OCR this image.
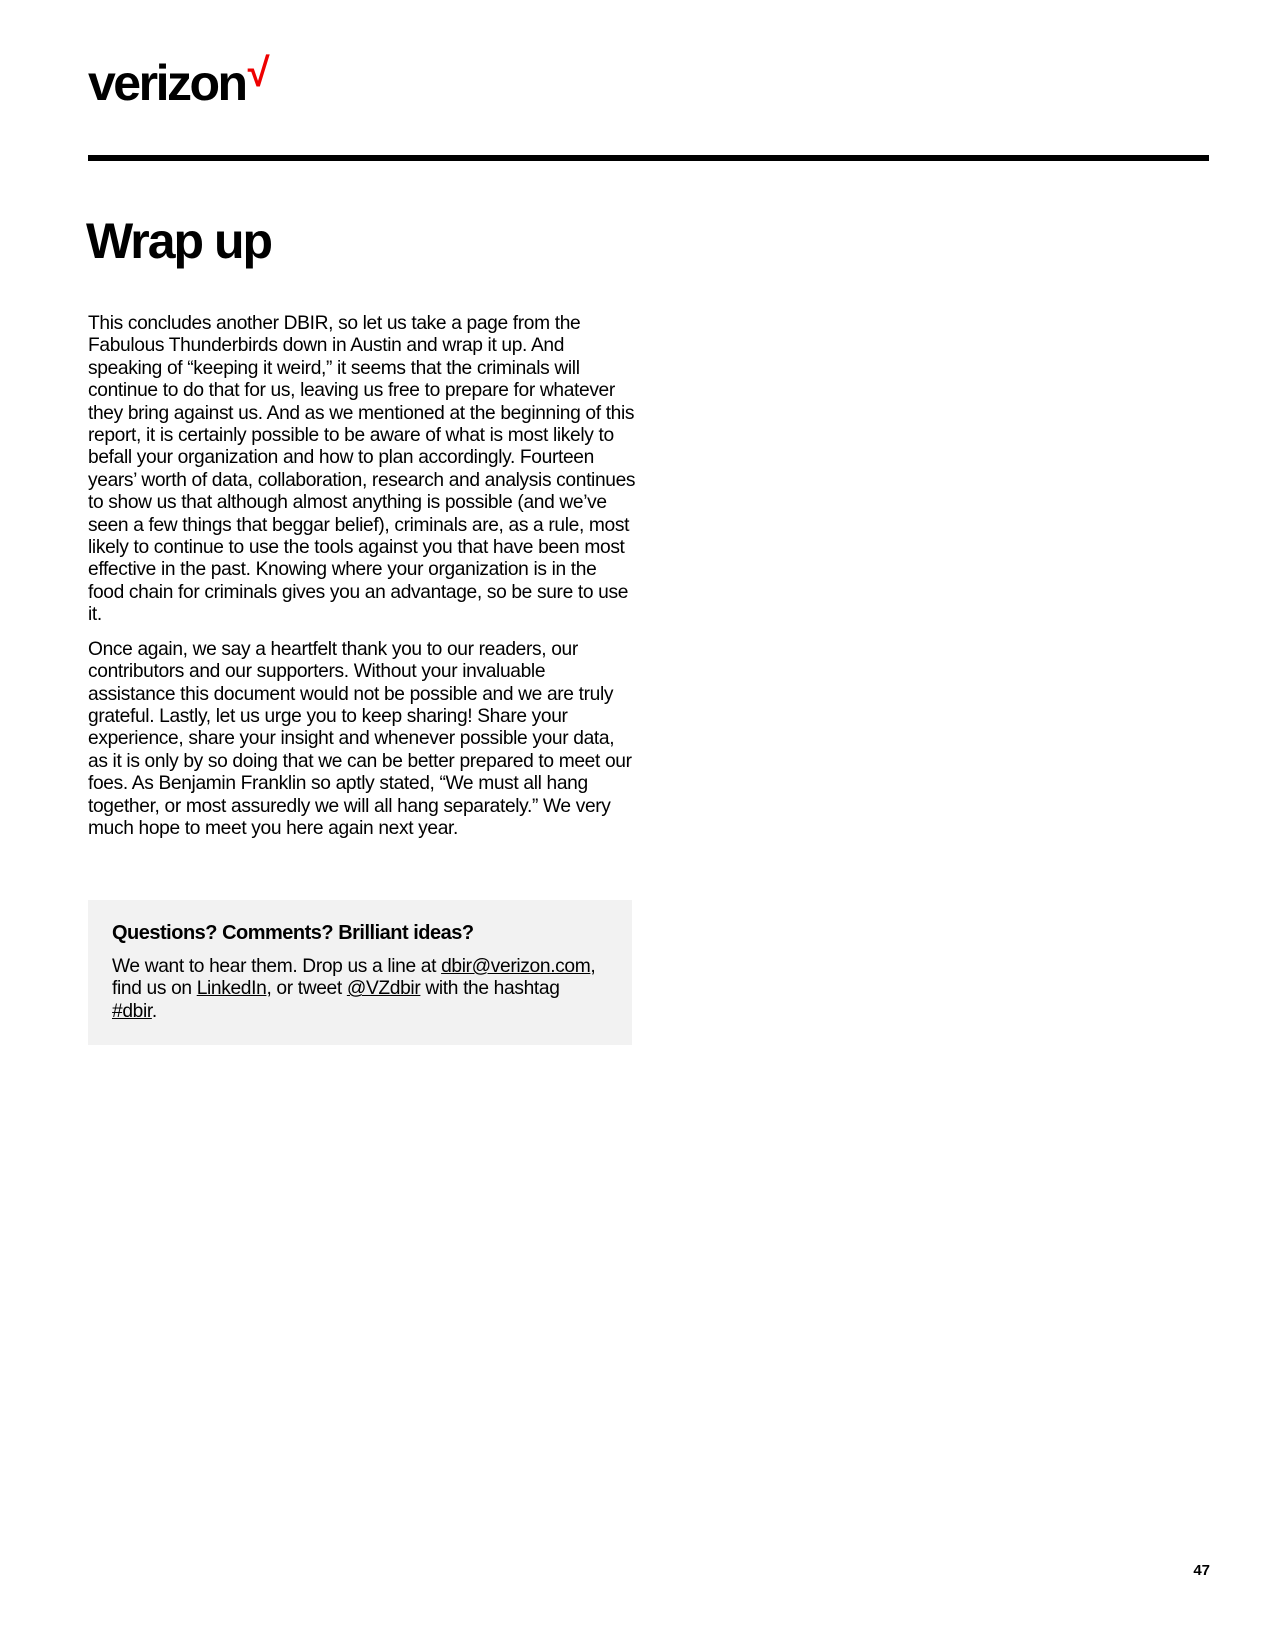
verizon√
Wrap up

This concludes another DBIR, so let us take a page from the Fabulous Thunderbirds down in Austin and wrap it up. And speaking of “keeping it weird,” it seems that the criminals will continue to do that for us, leaving us free to prepare for whatever they bring against us. And as we mentioned at the beginning of this report, it is certainly possible to be aware of what is most likely to befall your organization and how to plan accordingly. Fourteen years’ worth of data, collaboration, research and analysis continues to show us that although almost anything is possible (and we’ve seen a few things that beggar belief), criminals are, as a rule, most likely to continue to use the tools against you that have been most effective in the past. Knowing where your organization is in the food chain for criminals gives you an advantage, so be sure to use it.

Once again, we say a heartfelt thank you to our readers, our contributors and our supporters. Without your invaluable assistance this document would not be possible and we are truly grateful. Lastly, let us urge you to keep sharing! Share your experience, share your insight and whenever possible your data, as it is only by so doing that we can be better prepared to meet our foes. As Benjamin Franklin so aptly stated, “We must all hang together, or most assuredly we will all hang separately.” We very much hope to meet you here again next year.

Questions? Comments? Brilliant ideas?

We want to hear them. Drop us a line at dbir@verizon.com, find us on LinkedIn, or tweet @VZdbir with the hashtag #dbir.

47
